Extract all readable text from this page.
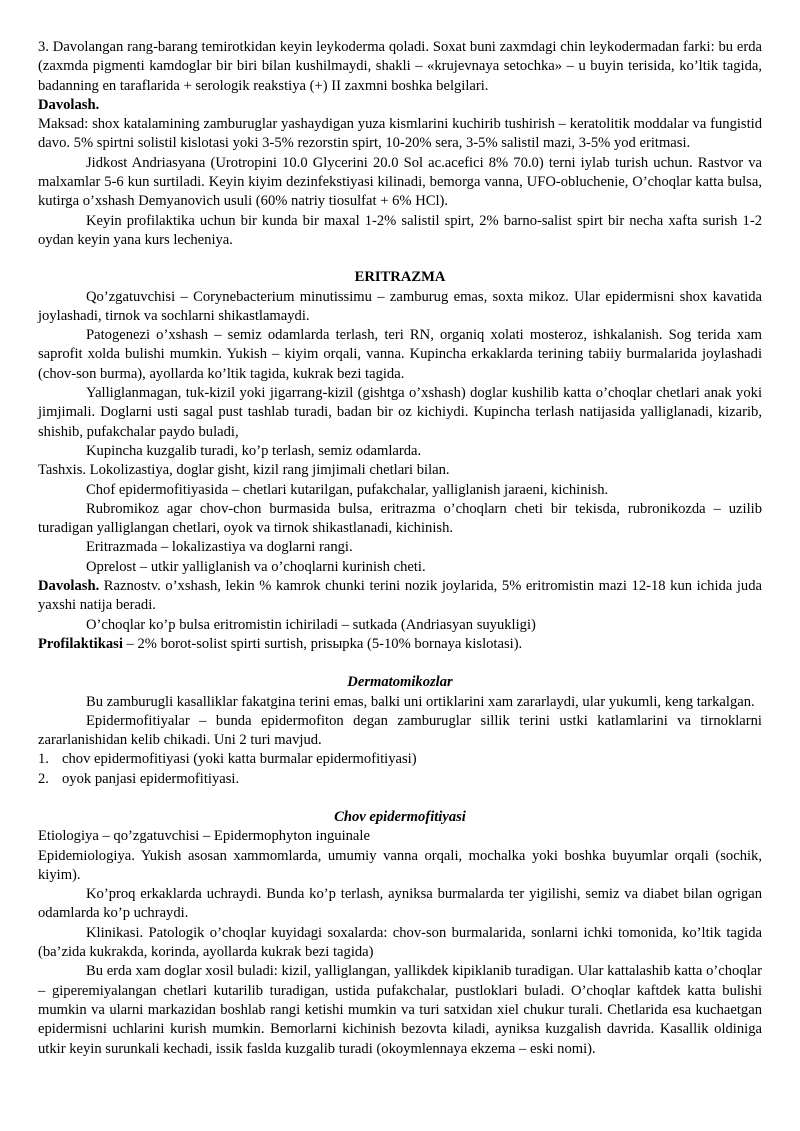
3. Davolangan rang-barang temirotkidan keyin leykoderma qoladi. Soxat buni zaxmdagi chin leykodermadan farki: bu erda (zaxmda pigmenti kamdoglar bir biri bilan kushilmaydi, shakli – «krujevnaya setochka» – u buyin terisida, ko’ltik tagida, badanning en taraflarida + serologik reakstiya (+) II zaxmni boshka belgilari.

Davolash.

Maksad: shox katalamining zamburuglar yashaydigan yuza kismlarini kuchirib tushirish – keratolitik moddalar va fungistid davo. 5% spirtni solistil kislotasi yoki 3-5% rezorstin spirt, 10-20% sera, 3-5% salistil mazi, 3-5% yod eritmasi.

Jidkost Andriasyana (Urotropini 10.0 Glycerini 20.0 Sol ac.acefici 8% 70.0) terni iylab turish uchun. Rastvor va malxamlar 5-6 kun surtiladi. Keyin kiyim dezinfekstiyasi kilinadi, bemorga vanna, UFO-obluchenie, O’choqlar katta bulsa, kutirga o’xshash Demyanovich usuli (60% natriy tiosulfat + 6% HCl).

Keyin profilaktika uchun bir kunda bir maxal 1-2% salistil spirt, 2% barno-salist spirt bir necha xafta surish 1-2 oydan keyin yana kurs lecheniya.

ERITRAZMA

Qo’zgatuvchisi – Corynebacterium minutissimu – zamburug emas, soxta mikoz. Ular epidermisni shox kavatida joylashadi, tirnok va sochlarni shikastlamaydi.

Patogenezi o’xshash – semiz odamlarda terlash, teri RN, organiq xolati mosteroz, ishkalanish. Sog terida xam saprofit xolda bulishi mumkin. Yukish – kiyim orqali, vanna. Kupincha erkaklarda terining tabiiy burmalarida joylashadi (chov-son burma), ayollarda ko’ltik tagida, kukrak bezi tagida.

Yalliglanmagan, tuk-kizil yoki jigarrang-kizil (gishtga o’xshash) doglar kushilib katta o’choqlar chetlari anak yoki jimjimali. Doglarni usti sagal pust tashlab turadi, badan bir oz kichiydi. Kupincha terlash natijasida yalliglanadi, kizarib, shishib, pufakchalar paydo buladi,

Kupincha kuzgalib turadi, ko’p terlash, semiz odamlarda.

Tashxis. Lokolizastiya, doglar gisht, kizil rang jimjimali chetlari bilan.

Chof epidermofitiyasida – chetlari kutarilgan, pufakchalar, yalliglanish jaraeni, kichinish.

Rubromikoz agar chov-chon burmasida bulsa, eritrazma o’choqlarn cheti bir tekisda, rubronikozda – uzilib turadigan yalliglangan chetlari, oyok va tirnok shikastlanadi, kichinish.

Eritrazmada – lokalizastiya va doglarni rangi.

Oprelost – utkir yalliglanish va o’choqlarni kurinish cheti.

Davolash. Raznostv. o’xshash, lekin % kamrok chunki terini nozik joylarida, 5% eritromistin mazi 12-18 kun ichida juda yaxshi natija beradi.

O’choqlar ko’p bulsa eritromistin ichiriladi – sutkada (Andriasyan suyukligi)

Profilaktikasi – 2% borot-solist spirti surtish, prisыpka (5-10% bornaya kislotasi).

Dermatomikozlar

Bu zamburugli kasalliklar fakatgina terini emas, balki uni ortiklarini xam zararlaydi, ular yukumli, keng tarkalgan.

Epidermofitiyalar – bunda epidermofiton degan zamburuglar sillik terini ustki katlamlarini va tirnoklarni zararlanishidan kelib chikadi. Uni 2 turi mavjud.

1. chov epidermofitiyasi (yoki katta burmalar epidermofitiyasi)

2. oyok panjasi epidermofitiyasi.

Chov epidermofitiyasi

Etiologiya – qo’zgatuvchisi – Epidermophyton inguinale

Epidemiologiya. Yukish asosan xammomlarda, umumiy vanna orqali, mochalka yoki boshka buyumlar orqali (sochik, kiyim).

Ko’proq erkaklarda uchraydi. Bunda ko’p terlash, ayniksa burmalarda ter yigilishi, semiz va diabet bilan ogrigan odamlarda ko’p uchraydi.

Klinikasi. Patologik o’choqlar kuyidagi soxalarda: chov-son burmalarida, sonlarni ichki tomonida, ko’ltik tagida (ba’zida kukrakda, korinda, ayollarda kukrak bezi tagida)

Bu erda xam doglar xosil buladi: kizil, yalliglangan, yallikdek kipiklanib turadigan. Ular kattalashib katta o’choqlar – giperemiyalangan chetlari kutarilib turadigan, ustida pufakchalar, pustloklari buladi. O’choqlar kaftdek katta bulishi mumkin va ularni markazidan boshlab rangi ketishi mumkin va turi satxidan xiel chukur turali. Chetlarida esa kuchaetgan epidermisni uchlarini kurish mumkin. Bemorlarni kichinish bezovta kiladi, ayniksa kuzgalish davrida. Kasallik oldiniga utkir keyin surunkali kechadi, issik faslda kuzgalib turadi (okoymlennaya ekzema – eski nomi).
